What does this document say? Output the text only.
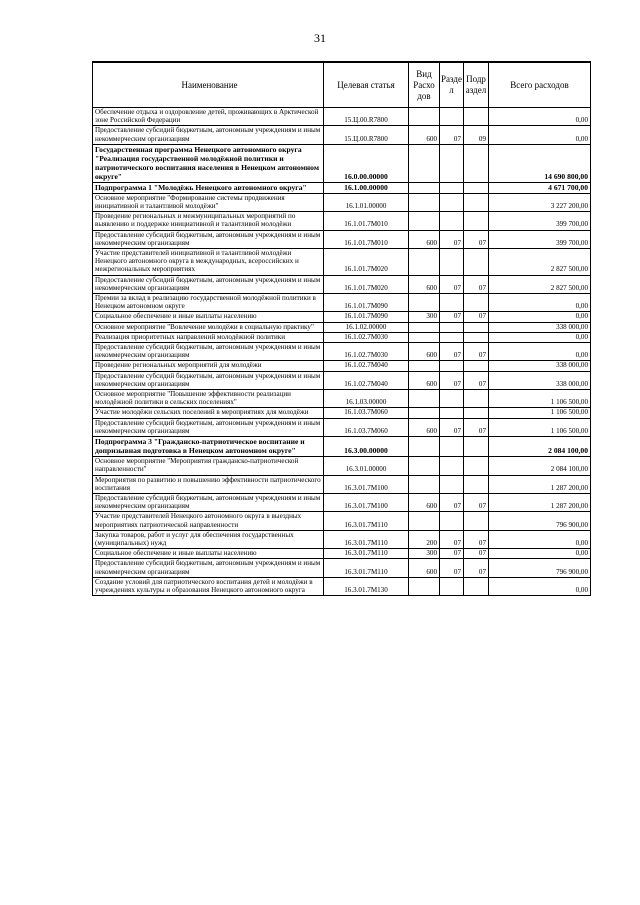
31
Наименование	Целевая статья	Вид Расхо дов	Разде л	Подр аздел	Всего расходов
Обеспечение отдыха и оздоровление детей, проживающих в Арктической зоне Российской Федерации	15.Ц.00.R7800				0,00
Предоставление субсидий бюджетным, автономным учреждениям и иным некоммерческим организациям	15.Ц.00.R7800	600	07	09	0,00
Государственная программа Ненецкого автономного округа "Реализация государственной молодёжной политики и патриотического воспитания населения в Ненецком автономном округе"	16.0.00.00000				14 690 800,00
Подпрограмма 1 "Молодёжь Ненецкого автономного округа"	16.1.00.00000				4 671 700,00
Основное мероприятие "Формирование системы продвижения инициативной и талантливой молодёжи"	16.1.01.00000				3 227 200,00
Проведение региональных и межмуниципальных мероприятий по выявлению и поддержке инициативной и талантливой молодёжи	16.1.01.7М010				399 700,00
Предоставление субсидий бюджетным, автономным учреждениям и иным некоммерческим организациям	16.1.01.7М010	600	07	07	399 700,00
Участие представителей инициативной и талантливой молодёжи Ненецкого автономного округа в международных, всероссийских и межрегиональных мероприятиях	16.1.01.7М020				2 827 500,00
Предоставление субсидий бюджетным, автономным учреждениям и иным некоммерческим организациям	16.1.01.7М020	600	07	07	2 827 500,00
Премии за вклад в реализацию государственной молодёжной политики в Ненецком автономном округе	16.1.01.7М090				0,00
Социальное обеспечение и иные выплаты населению	16.1.01.7М090	300	07	07	0,00
Основное мероприятие "Вовлечение молодёжи в социальную практику"	16.1.02.00000				338 000,00
Реализация приоритетных направлений молодёжной политики	16.1.02.7М030				0,00
Предоставление субсидий бюджетным, автономным учреждениям и иным некоммерческим организациям	16.1.02.7М030	600	07	07	0,00
Проведение региональных мероприятий для молодёжи	16.1.02.7М040				338 000,00
Предоставление субсидий бюджетным, автономным учреждениям и иным некоммерческим организациям	16.1.02.7М040	600	07	07	338 000,00
Основное мероприятие "Повышение эффективности реализации молодёжной политики в сельских поселениях"	16.1.03.00000				1 106 500,00
Участие молодёжи сельских поселений в мероприятиях для молодёжи	16.1.03.7М060				1 106 500,00
Предоставление субсидий бюджетным, автономным учреждениям и иным некоммерческим организациям	16.1.03.7М060	600	07	07	1 106 500,00
Подпрограмма 3 "Гражданско-патриотическое воспитание и допризывная подготовка в Ненецком автономном округе"	16.3.00.00000				2 084 100,00
Основное мероприятие "Мероприятия гражданско-патриотической направленности"	16.3.01.00000				2 084 100,00
Мероприятия по развитию и повышению эффективности патриотического воспитания	16.3.01.7М100				1 287 200,00
Предоставление субсидий бюджетным, автономным учреждениям и иным некоммерческим организациям	16.3.01.7М100	600	07	07	1 287 200,00
Участие представителей Ненецкого автономного округа в выездных мероприятиях патриотической направленности	16.3.01.7М110				796 900,00
Закупка товаров, работ и услуг для обеспечения государственных (муниципальных) нужд	16.3.01.7М110	200	07	07	0,00
Социальное обеспечение и иные выплаты населению	16.3.01.7М110	300	07	07	0,00
Предоставление субсидий бюджетным, автономным учреждениям и иным некоммерческим организациям	16.3.01.7М110	600	07	07	796 900,00
Создание условий для патриотического воспитания детей и молодёжи в учреждениях культуры и образования Ненецкого автономного округа	16.3.01.7М130				0,00
